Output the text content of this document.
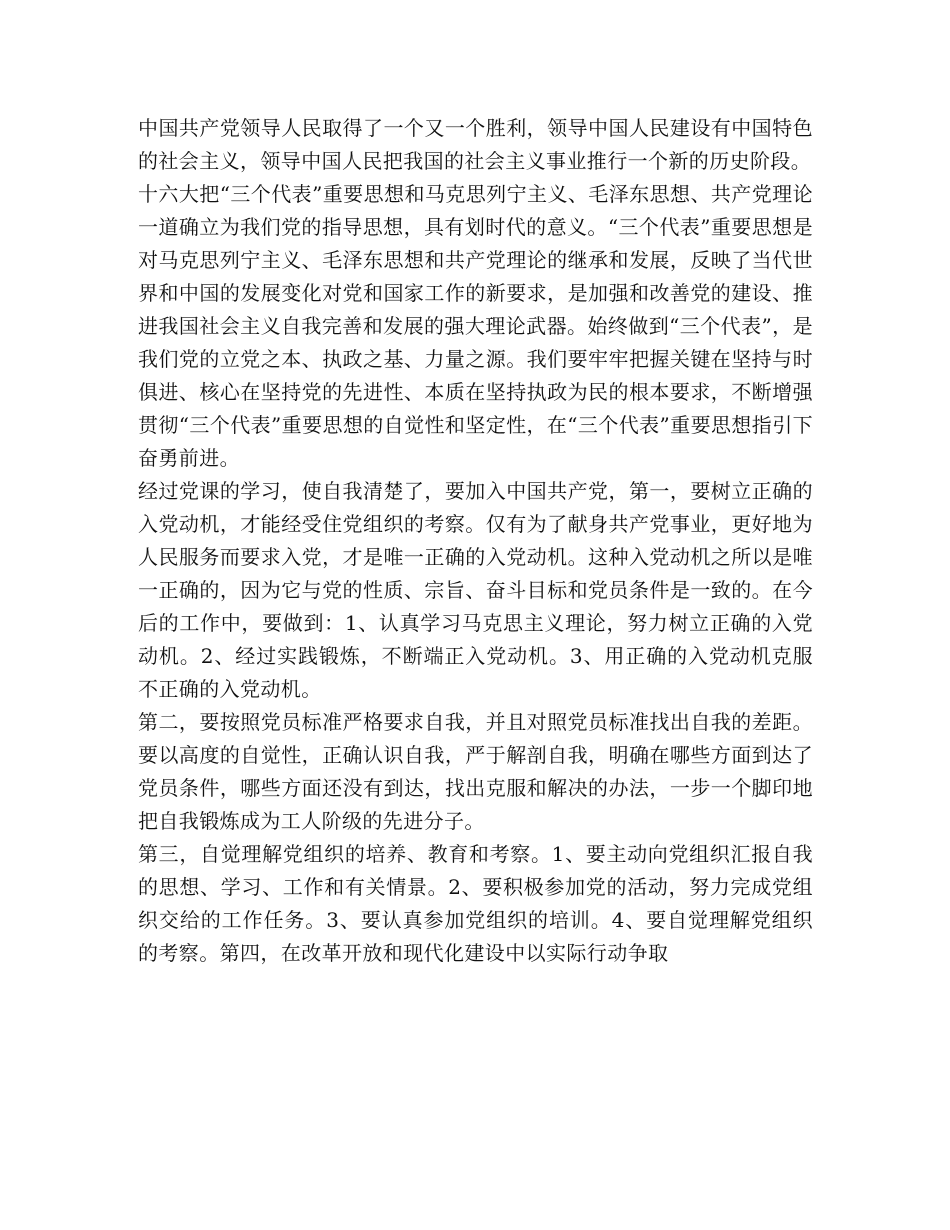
中国共产党领导人民取得了一个又一个胜利，领导中国人民建设有中国特色的社会主义，领导中国人民把我国的社会主义事业推行一个新的历史阶段。

十六大把“三个代表”重要思想和马克思列宁主义、毛泽东思想、共产党理论一道确立为我们党的指导思想，具有划时代的意义。“三个代表”重要思想是对马克思列宁主义、毛泽东思想和共产党理论的继承和发展，反映了当代世界和中国的发展变化对党和国家工作的新要求，是加强和改善党的建设、推进我国社会主义自我完善和发展的强大理论武器。始终做到“三个代表”，是我们党的立党之本、执政之基、力量之源。我们要牢牢把握关键在坚持与时俱进、核心在坚持党的先进性、本质在坚持执政为民的根本要求，不断增强贯彻“三个代表”重要思想的自觉性和坚定性，在“三个代表”重要思想指引下奋勇前进。

经过党课的学习，使自我清楚了，要加入中国共产党，第一，要树立正确的入党动机，才能经受住党组织的考察。仅有为了献身共产党事业，更好地为人民服务而要求入党，才是唯一正确的入党动机。这种入党动机之所以是唯一正确的，因为它与党的性质、宗旨、奋斗目标和党员条件是一致的。在今后的工作中，要做到：1、认真学习马克思主义理论，努力树立正确的入党动机。2、经过实践锻炼，不断端正入党动机。3、用正确的入党动机克服不正确的入党动机。

第二，要按照党员标准严格要求自我，并且对照党员标准找出自我的差距。要以高度的自觉性，正确认识自我，严于解剖自我，明确在哪些方面到达了党员条件，哪些方面还没有到达，找出克服和解决的办法，一步一个脚印地把自我锻炼成为工人阶级的先进分子。

第三，自觉理解党组织的培养、教育和考察。1、要主动向党组织汇报自我的思想、学习、工作和有关情景。2、要积极参加党的活动，努力完成党组织交给的工作任务。3、要认真参加党组织的培训。4、要自觉理解党组织的考察。第四，在改革开放和现代化建设中以实际行动争取
